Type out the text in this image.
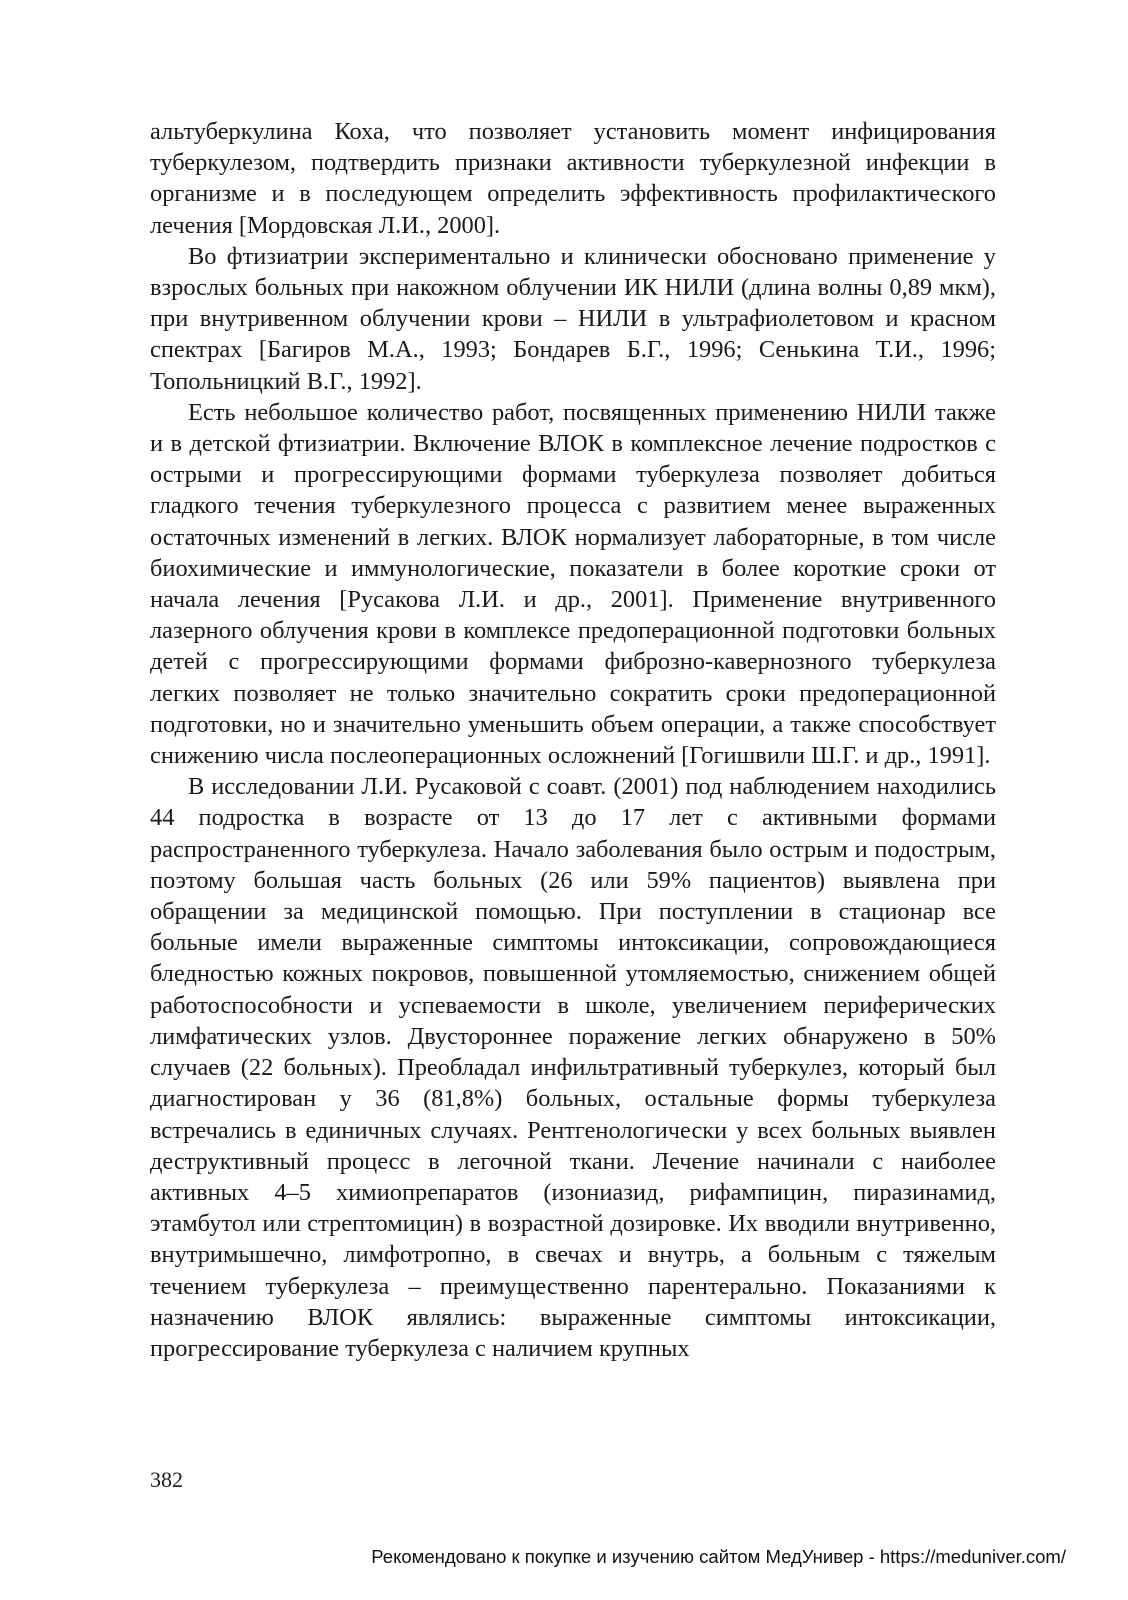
альтуберкулина Коха, что позволяет установить момент инфицирования туберкулезом, подтвердить признаки активности туберкулезной инфекции в организме и в последующем определить эффективность профилактического лечения [Мордовская Л.И., 2000].

Во фтизиатрии экспериментально и клинически обосновано применение у взрослых больных при накожном облучении ИК НИЛИ (длина волны 0,89 мкм), при внутривенном облучении крови – НИЛИ в ультрафиолетовом и красном спектрах [Багиров М.А., 1993; Бондарев Б.Г., 1996; Сенькина Т.И., 1996; Топольницкий В.Г., 1992].

Есть небольшое количество работ, посвященных применению НИЛИ также и в детской фтизиатрии. Включение ВЛОК в комплексное лечение подростков с острыми и прогрессирующими формами туберкулеза позволяет добиться гладкого течения туберкулезного процесса с развитием менее выраженных остаточных изменений в легких. ВЛОК нормализует лабораторные, в том числе биохимические и иммунологические, показатели в более короткие сроки от начала лечения [Русакова Л.И. и др., 2001]. Применение внутривенного лазерного облучения крови в комплексе предоперационной подготовки больных детей с прогрессирующими формами фиброзно-кавернозного туберкулеза легких позволяет не только значительно сократить сроки предоперационной подготовки, но и значительно уменьшить объем операции, а также способствует снижению числа послеоперационных осложнений [Гогишвили Ш.Г. и др., 1991].

В исследовании Л.И. Русаковой с соавт. (2001) под наблюдением находились 44 подростка в возрасте от 13 до 17 лет с активными формами распространенного туберкулеза. Начало заболевания было острым и подострым, поэтому большая часть больных (26 или 59% пациентов) выявлена при обращении за медицинской помощью. При поступлении в стационар все больные имели выраженные симптомы интоксикации, сопровождающиеся бледностью кожных покровов, повышенной утомляемостью, снижением общей работоспособности и успеваемости в школе, увеличением периферических лимфатических узлов. Двустороннее поражение легких обнаружено в 50% случаев (22 больных). Преобладал инфильтративный туберкулез, который был диагностирован у 36 (81,8%) больных, остальные формы туберкулеза встречались в единичных случаях. Рентгенологически у всех больных выявлен деструктивный процесс в легочной ткани. Лечение начинали с наиболее активных 4–5 химиопрепаратов (изониазид, рифампицин, пиразинамид, этамбутол или стрептомицин) в возрастной дозировке. Их вводили внутривенно, внутримышечно, лимфотропно, в свечах и внутрь, а больным с тяжелым течением туберкулеза – преимущественно парентерально. Показаниями к назначению ВЛОК являлись: выраженные симптомы интоксикации, прогрессирование туберкулеза с наличием крупных

382
Рекомендовано к покупке и изучению сайтом МедУнивер - https://meduniver.com/
